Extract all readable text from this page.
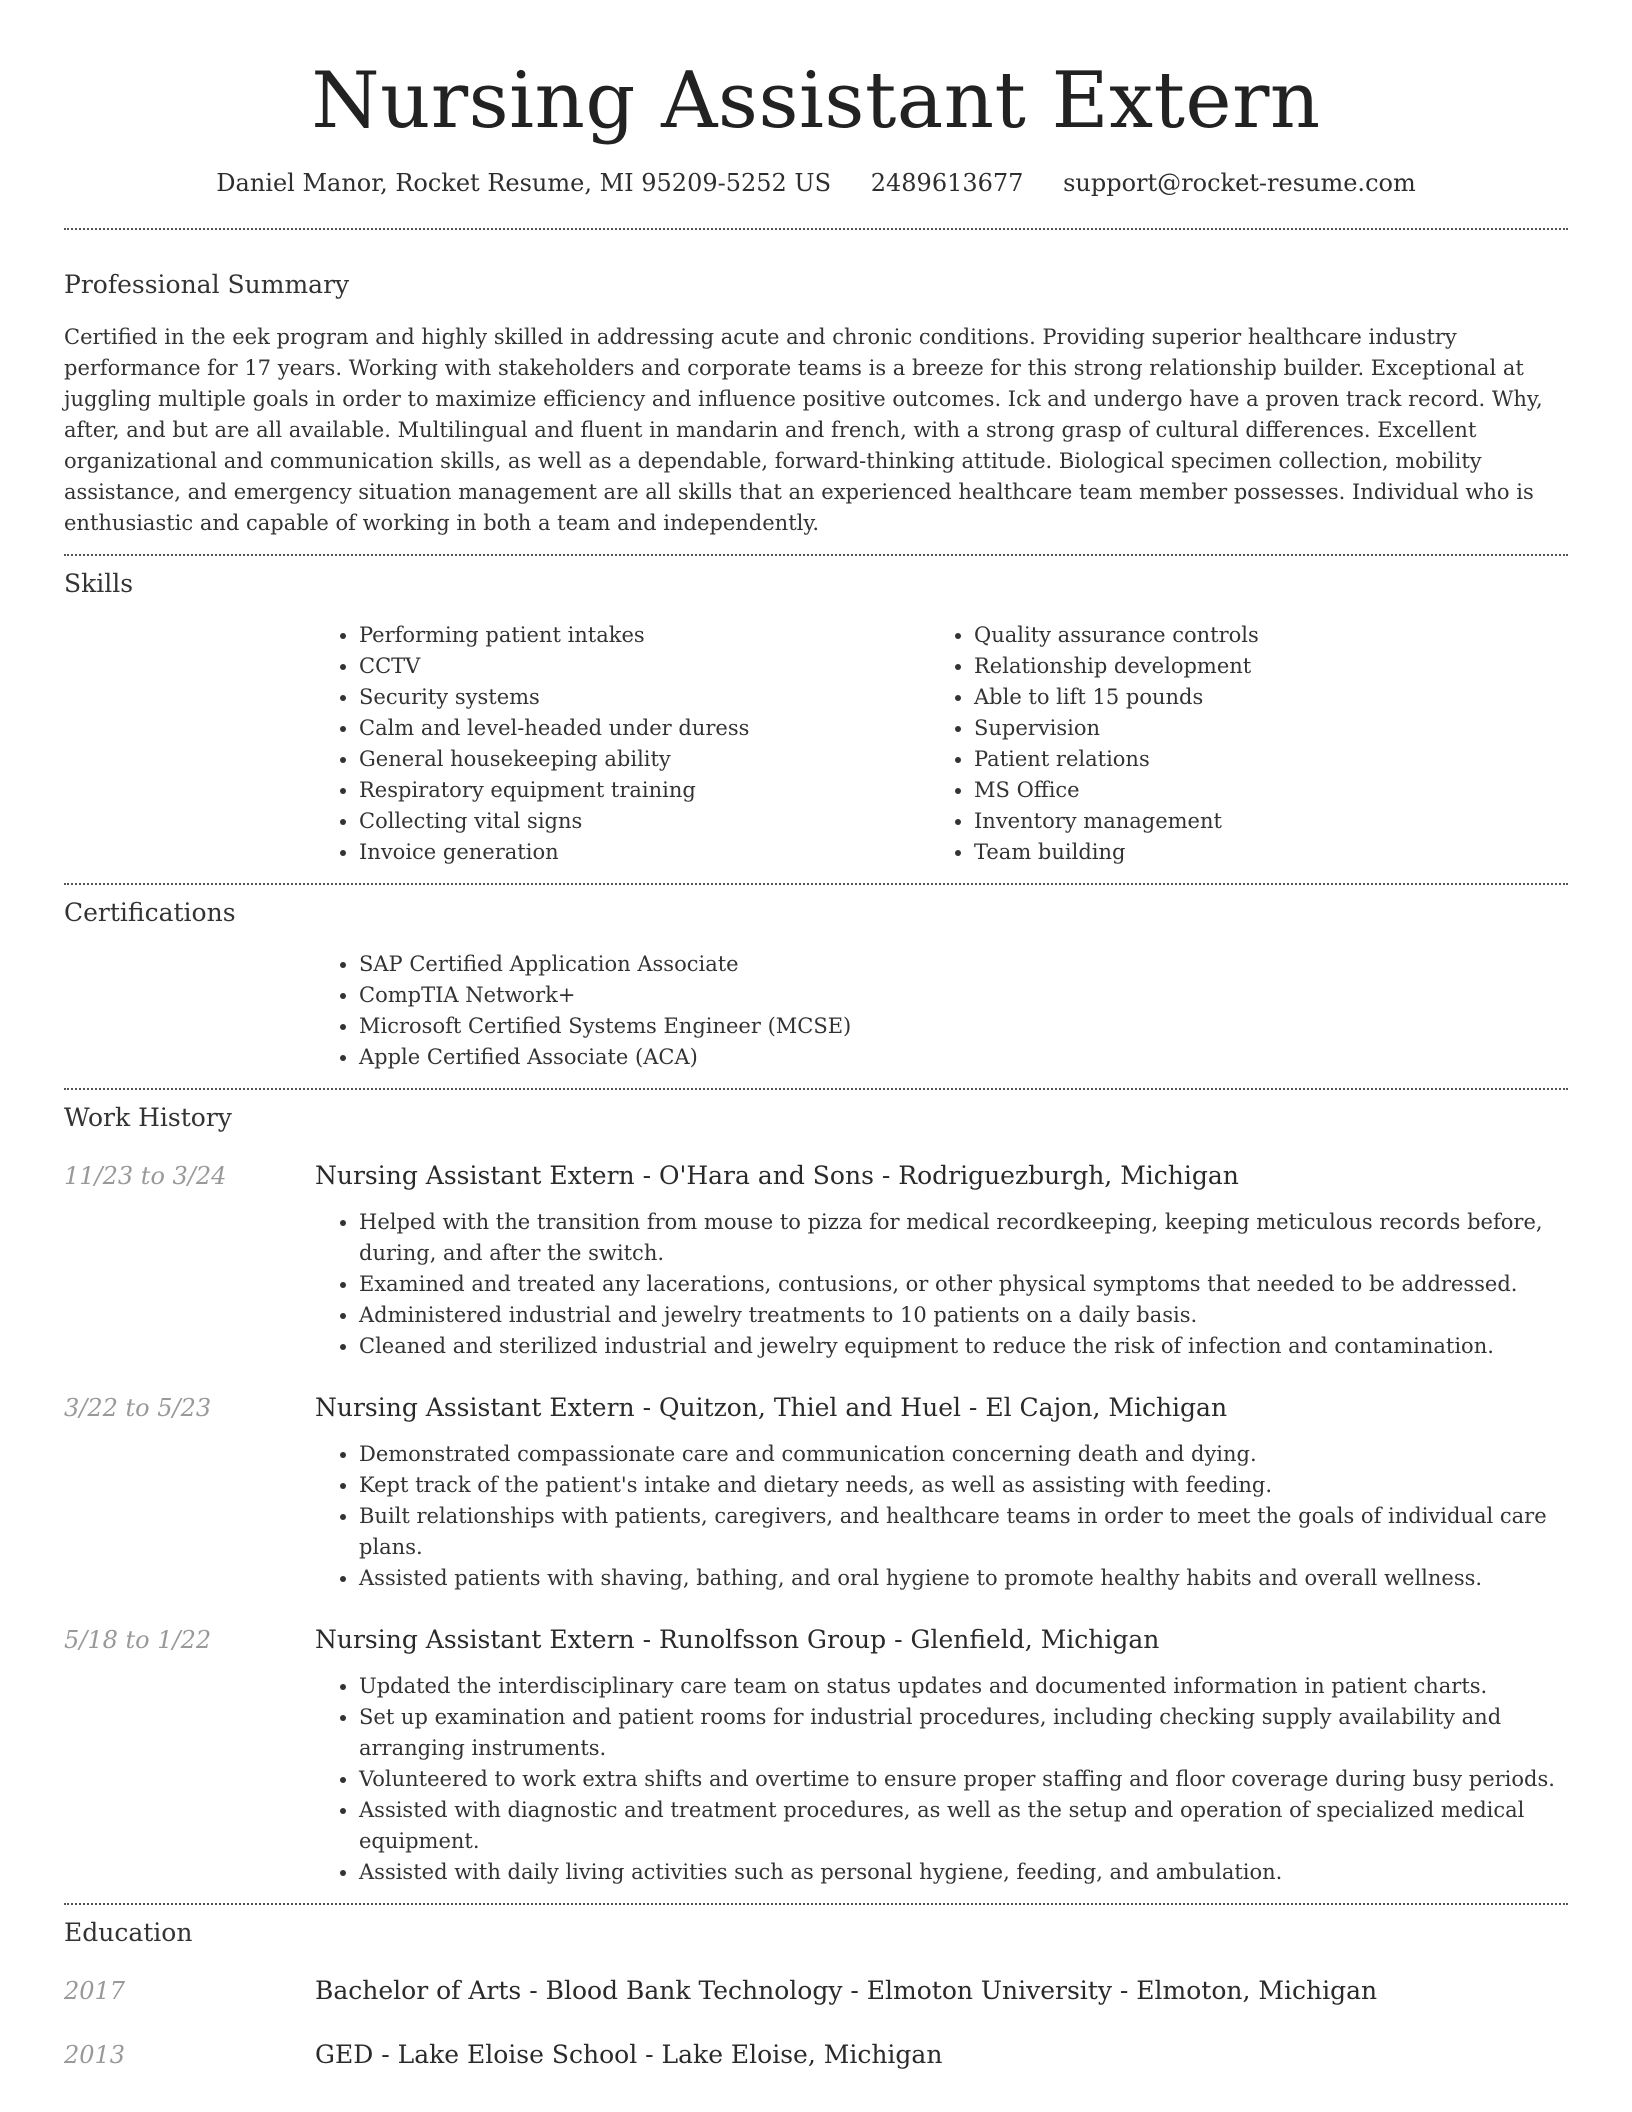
Nursing Assistant Extern
Daniel Manor, Rocket Resume, MI 95209-5252 US 2489613677 support@rocket-resume.com
Professional Summary

Certified in the eek program and highly skilled in addressing acute and chronic conditions. Providing superior healthcare industry performance for 17 years. Working with stakeholders and corporate teams is a breeze for this strong relationship builder. Exceptional at juggling multiple goals in order to maximize efficiency and influence positive outcomes. Ick and undergo have a proven track record. Why, after, and but are all available. Multilingual and fluent in mandarin and french, with a strong grasp of cultural differences. Excellent organizational and communication skills, as well as a dependable, forward-thinking attitude. Biological specimen collection, mobility assistance, and emergency situation management are all skills that an experienced healthcare team member possesses. Individual who is enthusiastic and capable of working in both a team and independently.

Skills
• Performing patient intakes
• CCTV
• Security systems
• Calm and level-headed under duress
• General housekeeping ability
• Respiratory equipment training
• Collecting vital signs
• Invoice generation
• Quality assurance controls
• Relationship development
• Able to lift 15 pounds
• Supervision
• Patient relations
• MS Office
• Inventory management
• Team building
Certifications
• SAP Certified Application Associate
• CompTIA Network+
• Microsoft Certified Systems Engineer (MCSE)
• Apple Certified Associate (ACA)
Work History
11/23 to 3/24	Nursing Assistant Extern - O'Hara and Sons - Rodriguezburgh, Michigan
• Helped with the transition from mouse to pizza for medical recordkeeping, keeping meticulous records before, during, and after the switch.
• Examined and treated any lacerations, contusions, or other physical symptoms that needed to be addressed.
• Administered industrial and jewelry treatments to 10 patients on a daily basis.
• Cleaned and sterilized industrial and jewelry equipment to reduce the risk of infection and contamination.
3/22 to 5/23	Nursing Assistant Extern - Quitzon, Thiel and Huel - El Cajon, Michigan
• Demonstrated compassionate care and communication concerning death and dying.
• Kept track of the patient's intake and dietary needs, as well as assisting with feeding.
• Built relationships with patients, caregivers, and healthcare teams in order to meet the goals of individual care plans.
• Assisted patients with shaving, bathing, and oral hygiene to promote healthy habits and overall wellness.
5/18 to 1/22	Nursing Assistant Extern - Runolfsson Group - Glenfield, Michigan
• Updated the interdisciplinary care team on status updates and documented information in patient charts.
• Set up examination and patient rooms for industrial procedures, including checking supply availability and arranging instruments.
• Volunteered to work extra shifts and overtime to ensure proper staffing and floor coverage during busy periods.
• Assisted with diagnostic and treatment procedures, as well as the setup and operation of specialized medical equipment.
• Assisted with daily living activities such as personal hygiene, feeding, and ambulation.
Education
2017	Bachelor of Arts - Blood Bank Technology - Elmoton University - Elmoton, Michigan
2013	GED - Lake Eloise School - Lake Eloise, Michigan
